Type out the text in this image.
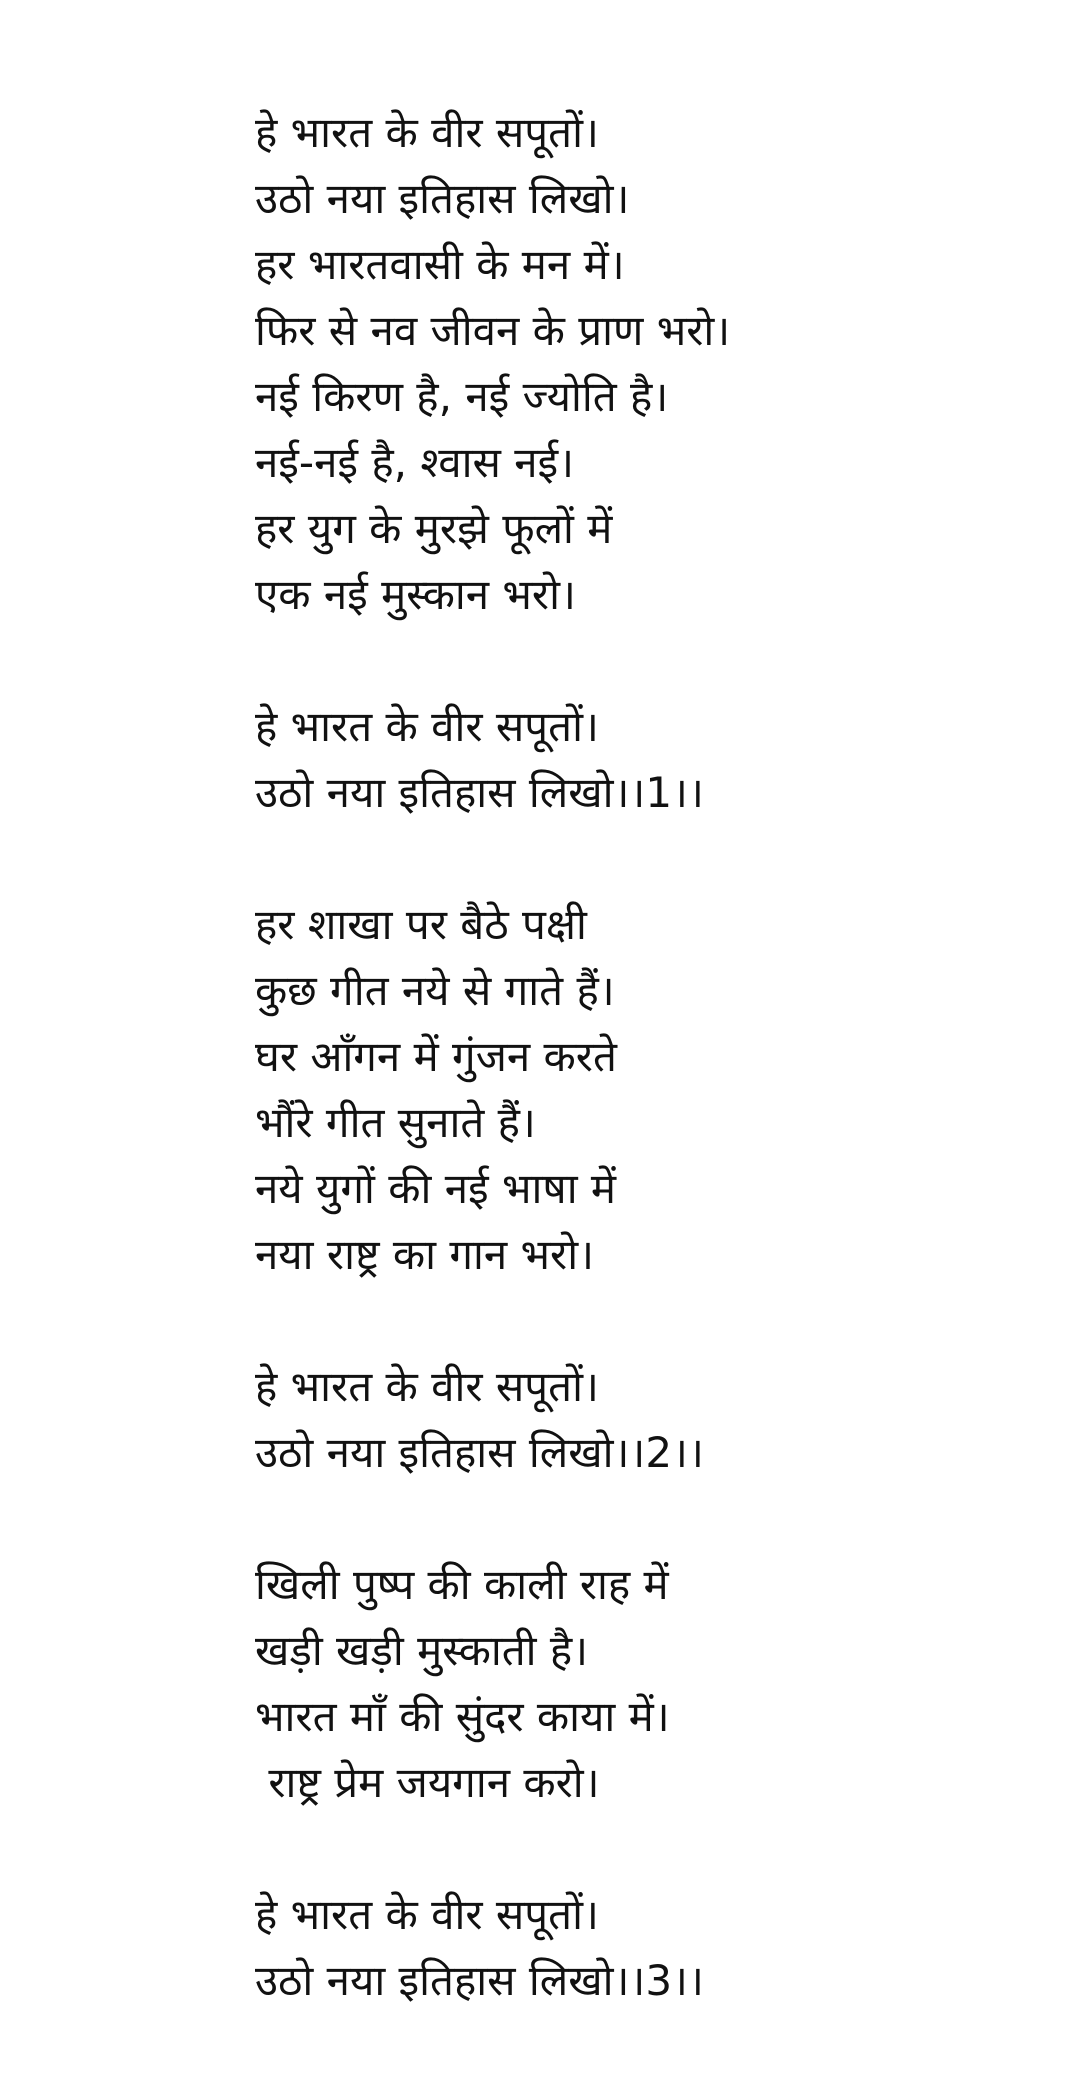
हे भारत के वीर सपूतों।
उठो नया इतिहास लिखो।
हर भारतवासी के मन में।
फिर से नव जीवन के प्राण भरो।
नई किरण है, नई ज्योति है।
नई-नई है, श्वास नई।
हर युग के मुरझे फूलों में
एक नई मुस्कान भरो।
हे भारत के वीर सपूतों।
उठो नया इतिहास लिखो।।1।।
हर शाखा पर बैठे पक्षी
कुछ गीत नये से गाते हैं।
घर आँगन में गुंजन करते
भौंरे गीत सुनाते हैं।
नये युगों की नई भाषा में
नया राष्ट्र का गान भरो।
हे भारत के वीर सपूतों।
उठो नया इतिहास लिखो।।2।।
खिली पुष्प की काली राह में
खड़ी खड़ी मुस्काती है।
भारत माँ की सुंदर काया में।
राष्ट्र प्रेम जयगान करो।
हे भारत के वीर सपूतों।
उठो नया इतिहास लिखो।।3।।
